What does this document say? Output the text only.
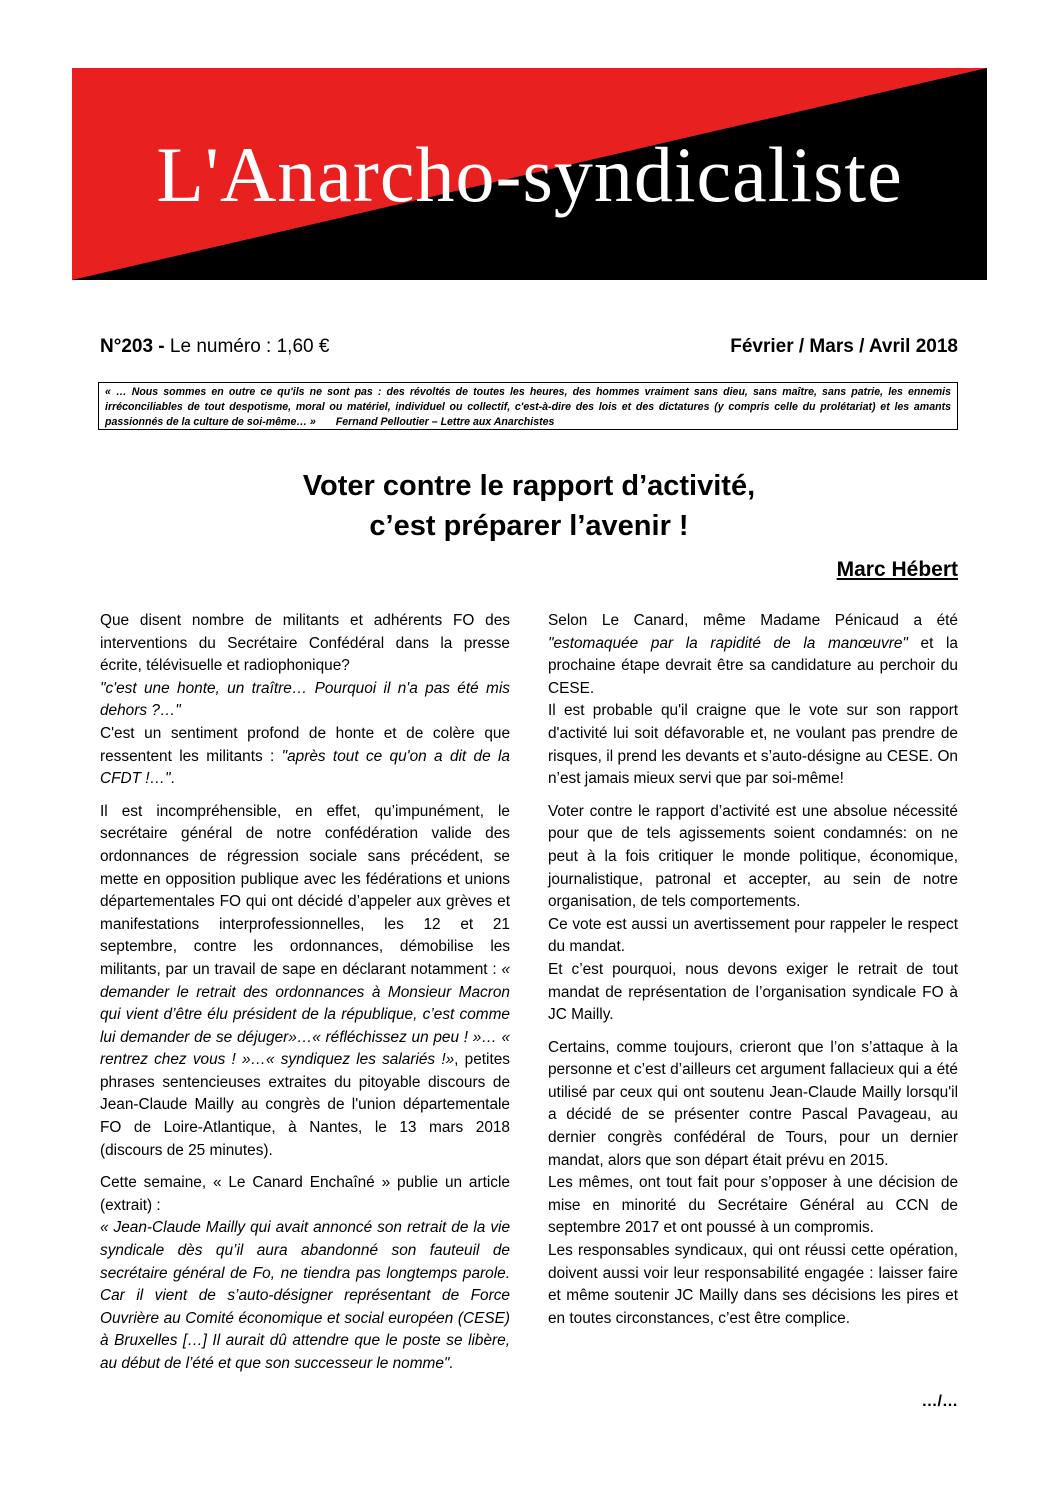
L'Anarcho-syndicaliste
N°203 - Le numéro : 1,60 €	Février / Mars / Avril 2018
« … Nous sommes en outre ce qu'ils ne sont pas : des révoltés de toutes les heures, des hommes vraiment sans dieu, sans maître, sans patrie, les ennemis irréconciliables de tout despotisme, moral ou matériel, individuel ou collectif, c'est-à-dire des lois et des dictatures (y compris celle du prolétariat) et les amants passionnés de la culture de soi-même… » Fernand Pelloutier – Lettre aux Anarchistes
Voter contre le rapport d’activité,
c’est préparer l’avenir !
Marc Hébert

Que disent nombre de militants et adhérents FO des interventions du Secrétaire Confédéral dans la presse écrite, télévisuelle et radiophonique?
"c'est une honte, un traître… Pourquoi il n'a pas été mis dehors ?…"
C'est un sentiment profond de honte et de colère que ressentent les militants : "après tout ce qu'on a dit de la CFDT !…".

Il est incompréhensible, en effet, qu’impunément, le secrétaire général de notre confédération valide des ordonnances de régression sociale sans précédent, se mette en opposition publique avec les fédérations et unions départementales FO qui ont décidé d’appeler aux grèves et manifestations interprofessionnelles, les 12 et 21 septembre, contre les ordonnances, démobilise les militants, par un travail de sape en déclarant notamment : « demander le retrait des ordonnances à Monsieur Macron qui vient d’être élu président de la république, c’est comme lui demander de se déjuger»…« réfléchissez un peu ! »… « rentrez chez vous ! »…« syndiquez les salariés !», petites phrases sentencieuses extraites du pitoyable discours de Jean-Claude Mailly au congrès de l'union départementale FO de Loire-Atlantique, à Nantes, le 13 mars 2018 (discours de 25 minutes).

Cette semaine, « Le Canard Enchaîné » publie un article (extrait) :
« Jean-Claude Mailly qui avait annoncé son retrait de la vie syndicale dès qu’il aura abandonné son fauteuil de secrétaire général de Fo, ne tiendra pas longtemps parole. Car il vient de s’auto-désigner représentant de Force Ouvrière au Comité économique et social européen (CESE) à Bruxelles […] Il aurait dû attendre que le poste se libère, au début de l’été et que son successeur le nomme".

Selon Le Canard, même Madame Pénicaud a été "estomaquée par la rapidité de la manœuvre" et la prochaine étape devrait être sa candidature au perchoir du CESE.
Il est probable qu'il craigne que le vote sur son rapport d'activité lui soit défavorable et, ne voulant pas prendre de risques, il prend les devants et s’auto-désigne au CESE. On n’est jamais mieux servi que par soi-même!

Voter contre le rapport d’activité est une absolue nécessité pour que de tels agissements soient condamnés: on ne peut à la fois critiquer le monde politique, économique, journalistique, patronal et accepter, au sein de notre organisation, de tels comportements.
Ce vote est aussi un avertissement pour rappeler le respect du mandat.
Et c’est pourquoi, nous devons exiger le retrait de tout mandat de représentation de l’organisation syndicale FO à JC Mailly.

Certains, comme toujours, crieront que l’on s’attaque à la personne et c’est d’ailleurs cet argument fallacieux qui a été utilisé par ceux qui ont soutenu Jean-Claude Mailly lorsqu'il a décidé de se présenter contre Pascal Pavageau, au dernier congrès confédéral de Tours, pour un dernier mandat, alors que son départ était prévu en 2015.
Les mêmes, ont tout fait pour s’opposer à une décision de mise en minorité du Secrétaire Général au CCN de septembre 2017 et ont poussé à un compromis.
Les responsables syndicaux, qui ont réussi cette opération, doivent aussi voir leur responsabilité engagée : laisser faire et même soutenir JC Mailly dans ses décisions les pires et en toutes circonstances, c’est être complice.

…/…
